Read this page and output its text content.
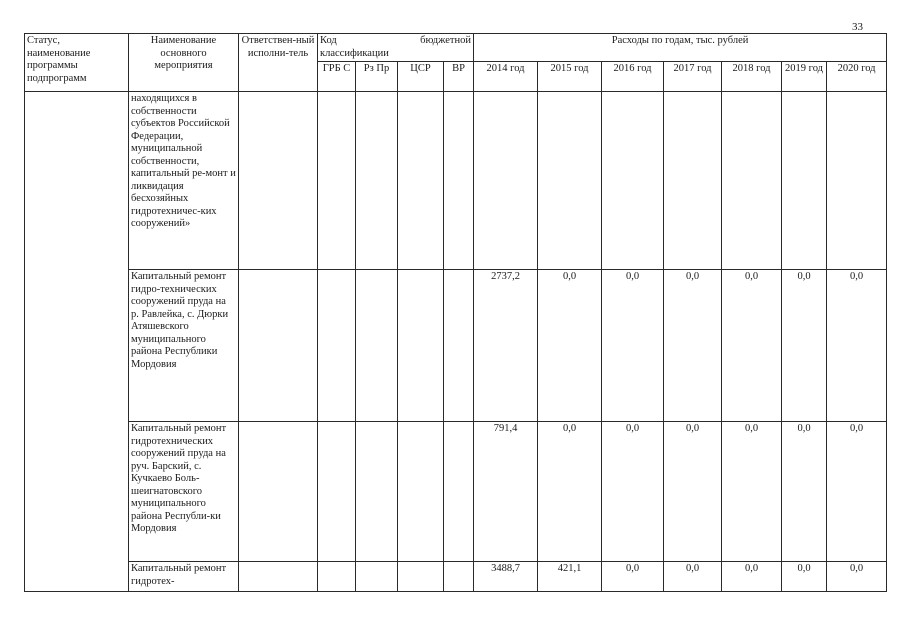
33
Статус, наименование программы подпрограмм	Наименование основного мероприятия	Ответствен-ный исполни-тель	Код бюджетной
классификации				Расходы по годам, тыс. рублей						
			ГРБ С	Рз Пр	ЦСР	ВР	2014 год	2015 год	2016 год	2017 год	2018 год	2019 год	2020 год
	находящихся в собственности субъектов Российской Федерации, муниципальной собственности, капитальный ре-монт и ликвидация бесхозяйных гидротехничес-ких сооружений»												
	Капитальный ремонт гидро-технических сооружений пруда на р. Равлейка, с. Дюрки Атяшевского муниципального района Республики Мордовия						2737,2	0,0	0,0	0,0	0,0	0,0	0,0
	Капитальный ремонт гидротехнических сооружений пруда на руч. Барский, с. Кучкаево Боль-шеигнатовского муниципального района Республи-ки Мордовия						791,4	0,0	0,0	0,0	0,0	0,0	0,0
	Капитальный ремонт гидротех-						3488,7	421,1	0,0	0,0	0,0	0,0	0,0
